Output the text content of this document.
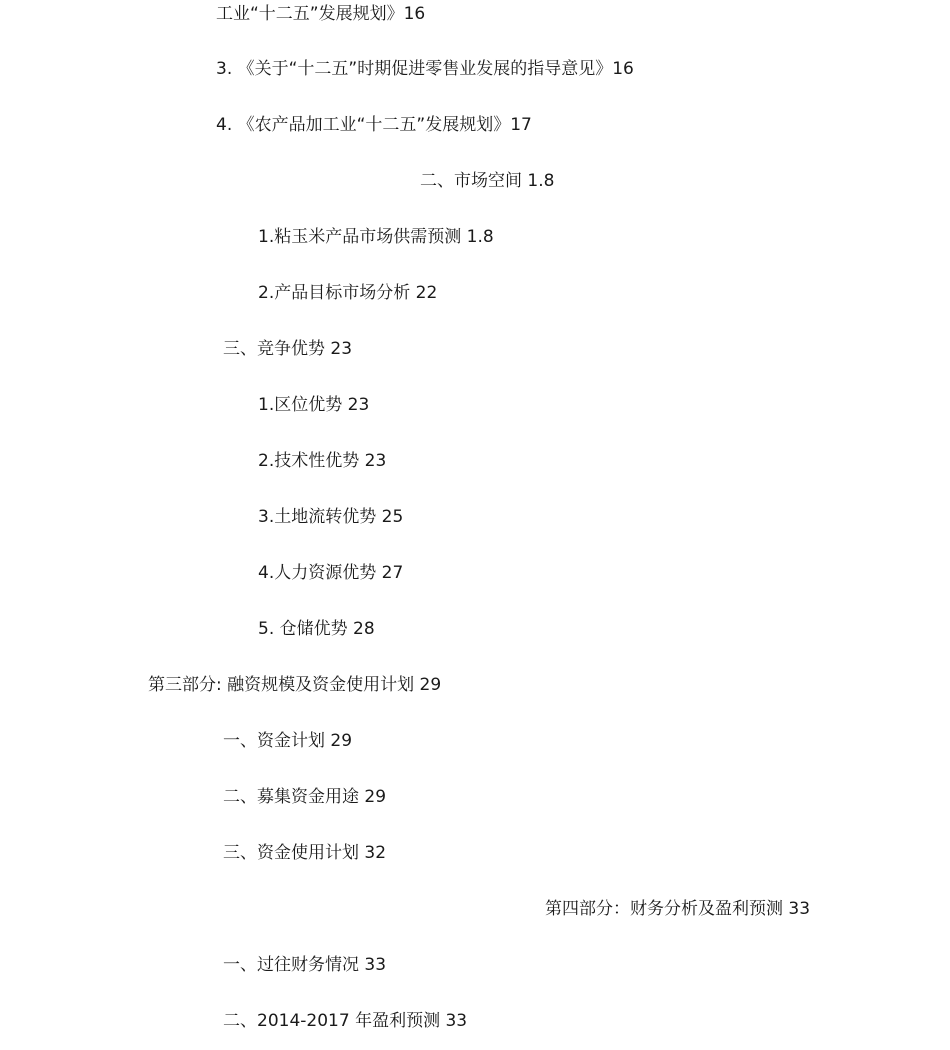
工业“十二五”发展规划》16
3. 《关于“十二五”时期促进零售业发展的指导意见》16
4. 《农产品加工业“十二五”发展规划》17
二、市场空间 1.8
1.粘玉米产品市场供需预测 1.8
2.产品目标市场分析 22
三、竞争优势 23
1.区位优势 23
2.技术性优势 23
3.土地流转优势 25
4.人力资源优势 27
5. 仓储优势 28
第三部分: 融资规模及资金使用计划 29
一、资金计划 29
二、募集资金用途 29
三、资金使用计划 32
第四部分：财务分析及盈利预测 33
一、过往财务情况 33
二、2014-2017 年盈利预测 33
